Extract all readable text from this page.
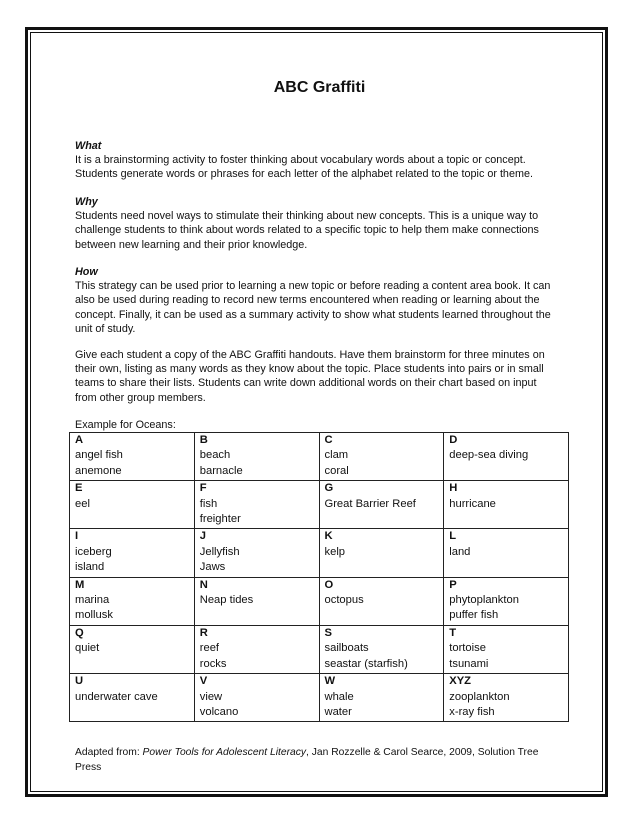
ABC Graffiti

What

It is a brainstorming activity to foster thinking about vocabulary words about a topic or concept.

Students generate words or phrases for each letter of the alphabet related to the topic or theme.

Why

Students need novel ways to stimulate their thinking about new concepts. This is a unique way to

challenge students to think about words related to a specific topic to help them make connections

between new learning and their prior knowledge.

How

This strategy can be used prior to learning a new topic or before reading a content area book. It can

also be used during reading to record new terms encountered when reading or learning about the

concept. Finally, it can be used as a summary activity to show what students learned throughout the

unit of study.

Give each student a copy of the ABC Graffiti handouts. Have them brainstorm for three minutes on

their own, listing as many words as they know about the topic. Place students into pairs or in small

teams to share their lists. Students can write down additional words on their chart based on input

from other group members.

Example for Oceans:
A
angel fish
anemone	B
beach
barnacle	C
clam
coral	D
deep-sea diving

E
eel	F
fish
freighter	G
Great Barrier Reef	H
hurricane

I
iceberg
island	J
Jellyfish
Jaws	K
kelp	L
land

M
marina
mollusk	N
Neap tides	O
octopus	P
phytoplankton
puffer fish

Q
quiet	R
reef
rocks	S
sailboats
seastar (starfish)	T
tortoise
tsunami

U
underwater cave	V
view
volcano	W
whale
water	XYZ
zooplankton
x-ray fish
Adapted from: Power Tools for Adolescent Literacy, Jan Rozzelle & Carol Searce, 2009, Solution Tree
Press
